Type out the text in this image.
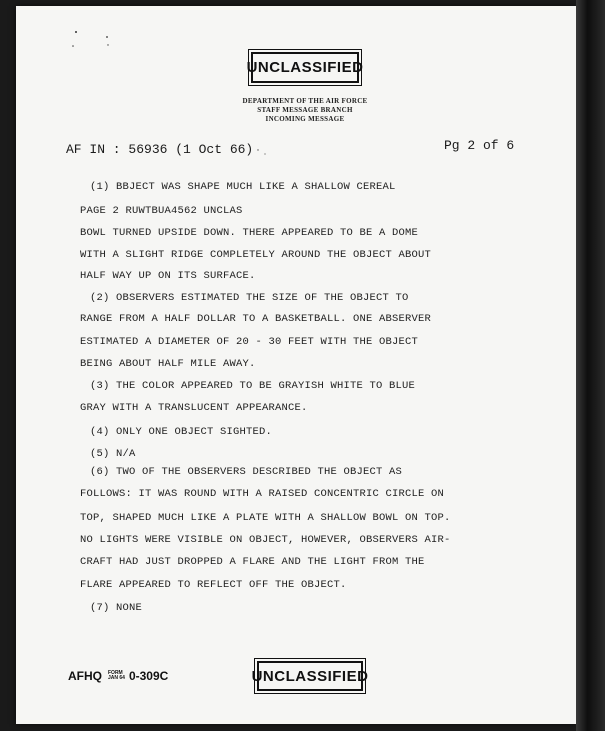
UNCLASSIFIED
DEPARTMENT OF THE AIR FORCE
STAFF MESSAGE BRANCH
INCOMING MESSAGE
AF IN : 56936 (1 Oct 66)	Pg 2 of 6
(1) BBJECT WAS SHAPE MUCH LIKE A SHALLOW CEREAL
PAGE 2 RUWTBUA4562 UNCLAS
BOWL TURNED UPSIDE DOWN. THERE APPEARED TO BE A DOME
WITH A SLIGHT RIDGE COMPLETELY AROUND THE OBJECT ABOUT
HALF WAY UP ON ITS SURFACE.
(2) OBSERVERS ESTIMATED THE SIZE OF THE OBJECT TO
RANGE FROM A HALF DOLLAR TO A BASKETBALL. ONE ABSERVER
ESTIMATED A DIAMETER OF 20 - 30 FEET WITH THE OBJECT
BEING ABOUT HALF MILE AWAY.
(3) THE COLOR APPEARED TO BE GRAYISH WHITE TO BLUE
GRAY WITH A TRANSLUCENT APPEARANCE.
(4) ONLY ONE OBJECT SIGHTED.
(5) N/A
(6) TWO OF THE OBSERVERS DESCRIBED THE OBJECT AS
FOLLOWS: IT WAS ROUND WITH A RAISED CONCENTRIC CIRCLE ON
TOP, SHAPED MUCH LIKE A PLATE WITH A SHALLOW BOWL ON TOP.
NO LIGHTS WERE VISIBLE ON OBJECT, HOWEVER, OBSERVERS AIR-
CRAFT HAD JUST DROPPED A FLARE AND THE LIGHT FROM THE
FLARE APPEARED TO REFLECT OFF THE OBJECT.
(7) NONE
AFHQ FORM
JAN 64 0-309C	UNCLASSIFIED
